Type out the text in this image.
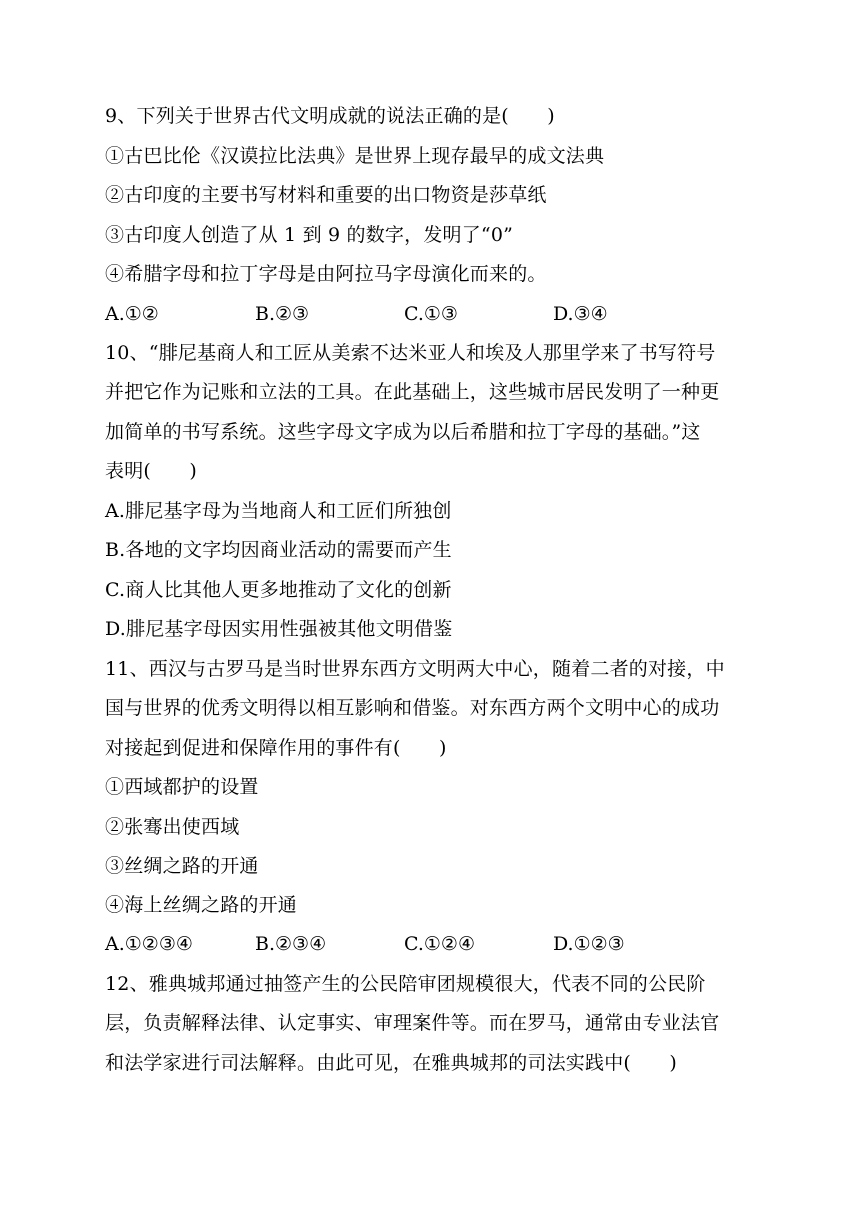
9、下列关于世界古代文明成就的说法正确的是(　　)
①古巴比伦《汉谟拉比法典》是世界上现存最早的成文法典
②古印度的主要书写材料和重要的出口物资是莎草纸
③古印度人创造了从 1 到 9 的数字，发明了“0”
④希腊字母和拉丁字母是由阿拉马字母演化而来的。
A.①②	B.②③	C.①③	D.③④
10、“腓尼基商人和工匠从美索不达米亚人和埃及人那里学来了书写符号
并把它作为记账和立法的工具。在此基础上，这些城市居民发明了一种更
加简单的书写系统。这些字母文字成为以后希腊和拉丁字母的基础。”这
表明(　　)
A.腓尼基字母为当地商人和工匠们所独创
B.各地的文字均因商业活动的需要而产生
C.商人比其他人更多地推动了文化的创新
D.腓尼基字母因实用性强被其他文明借鉴
11、西汉与古罗马是当时世界东西方文明两大中心，随着二者的对接，中
国与世界的优秀文明得以相互影响和借鉴。对东西方两个文明中心的成功
对接起到促进和保障作用的事件有(　　)
①西域都护的设置
②张骞出使西域
③丝绸之路的开通
④海上丝绸之路的开通
A.①②③④	B.②③④	C.①②④	D.①②③
12、雅典城邦通过抽签产生的公民陪审团规模很大，代表不同的公民阶
层，负责解释法律、认定事实、审理案件等。而在罗马，通常由专业法官
和法学家进行司法解释。由此可见，在雅典城邦的司法实践中(　　)
